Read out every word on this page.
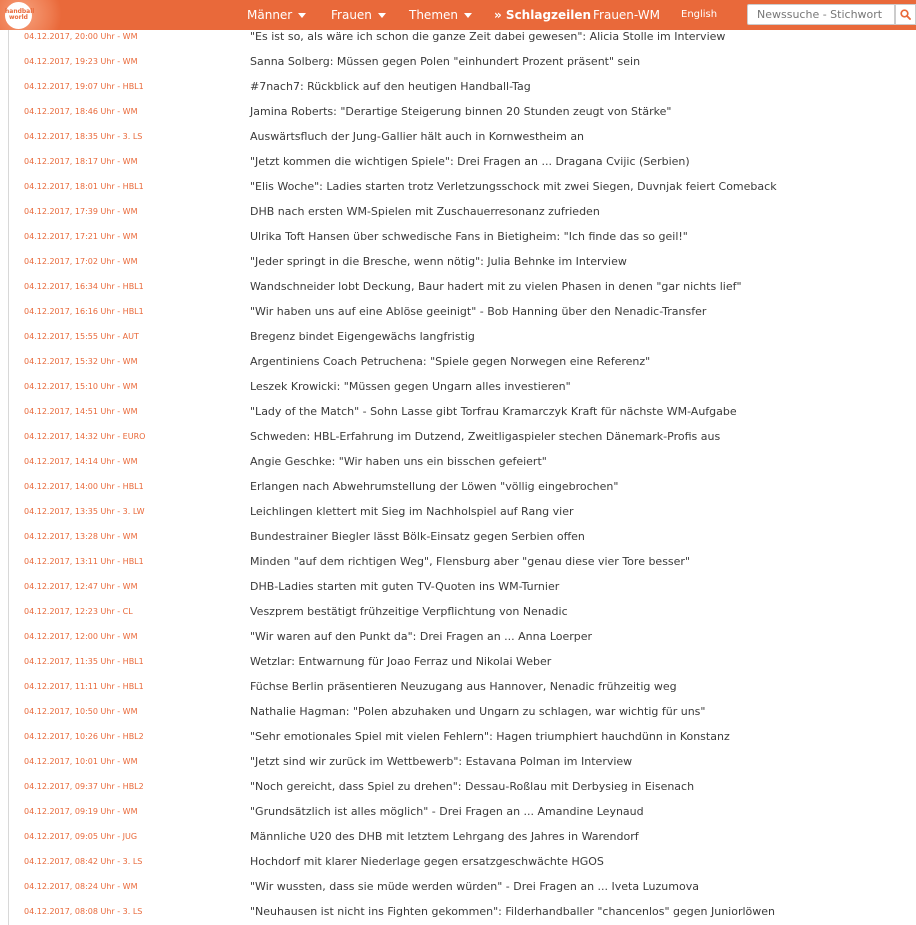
04.12.2017, 20:00 Uhr - WM	"Es ist so, als wäre ich schon die ganze Zeit dabei gewesen": Alicia Stolle im Interview
04.12.2017, 19:23 Uhr - WM	Sanna Solberg: Müssen gegen Polen "einhundert Prozent präsent" sein
04.12.2017, 19:07 Uhr - HBL1	#7nach7: Rückblick auf den heutigen Handball-Tag
04.12.2017, 18:46 Uhr - WM	Jamina Roberts: "Derartige Steigerung binnen 20 Stunden zeugt von Stärke"
04.12.2017, 18:35 Uhr - 3. LS	Auswärtsfluch der Jung-Gallier hält auch in Kornwestheim an
04.12.2017, 18:17 Uhr - WM	"Jetzt kommen die wichtigen Spiele": Drei Fragen an ... Dragana Cvijic (Serbien)
04.12.2017, 18:01 Uhr - HBL1	"Elis Woche": Ladies starten trotz Verletzungsschock mit zwei Siegen, Duvnjak feiert Comeback
04.12.2017, 17:39 Uhr - WM	DHB nach ersten WM-Spielen mit Zuschauerresonanz zufrieden
04.12.2017, 17:21 Uhr - WM	Ulrika Toft Hansen über schwedische Fans in Bietigheim: "Ich finde das so geil!"
04.12.2017, 17:02 Uhr - WM	"Jeder springt in die Bresche, wenn nötig": Julia Behnke im Interview
04.12.2017, 16:34 Uhr - HBL1	Wandschneider lobt Deckung, Baur hadert mit zu vielen Phasen in denen "gar nichts lief"
04.12.2017, 16:16 Uhr - HBL1	"Wir haben uns auf eine Ablöse geeinigt" - Bob Hanning über den Nenadic-Transfer
04.12.2017, 15:55 Uhr - AUT	Bregenz bindet Eigengewächs langfristig
04.12.2017, 15:32 Uhr - WM	Argentiniens Coach Petruchena: "Spiele gegen Norwegen eine Referenz"
04.12.2017, 15:10 Uhr - WM	Leszek Krowicki: "Müssen gegen Ungarn alles investieren"
04.12.2017, 14:51 Uhr - WM	"Lady of the Match" - Sohn Lasse gibt Torfrau Kramarczyk Kraft für nächste WM-Aufgabe
04.12.2017, 14:32 Uhr - EURO	Schweden: HBL-Erfahrung im Dutzend, Zweitligaspieler stechen Dänemark-Profis aus
04.12.2017, 14:14 Uhr - WM	Angie Geschke: "Wir haben uns ein bisschen gefeiert"
04.12.2017, 14:00 Uhr - HBL1	Erlangen nach Abwehrumstellung der Löwen "völlig eingebrochen"
04.12.2017, 13:35 Uhr - 3. LW	Leichlingen klettert mit Sieg im Nachholspiel auf Rang vier
04.12.2017, 13:28 Uhr - WM	Bundestrainer Biegler lässt Bölk-Einsatz gegen Serbien offen
04.12.2017, 13:11 Uhr - HBL1	Minden "auf dem richtigen Weg", Flensburg aber "genau diese vier Tore besser"
04.12.2017, 12:47 Uhr - WM	DHB-Ladies starten mit guten TV-Quoten ins WM-Turnier
04.12.2017, 12:23 Uhr - CL	Veszprem bestätigt frühzeitige Verpflichtung von Nenadic
04.12.2017, 12:00 Uhr - WM	"Wir waren auf den Punkt da": Drei Fragen an ... Anna Loerper
04.12.2017, 11:35 Uhr - HBL1	Wetzlar: Entwarnung für Joao Ferraz und Nikolai Weber
04.12.2017, 11:11 Uhr - HBL1	Füchse Berlin präsentieren Neuzugang aus Hannover, Nenadic frühzeitig weg
04.12.2017, 10:50 Uhr - WM	Nathalie Hagman: "Polen abzuhaken und Ungarn zu schlagen, war wichtig für uns"
04.12.2017, 10:26 Uhr - HBL2	"Sehr emotionales Spiel mit vielen Fehlern": Hagen triumphiert hauchdünn in Konstanz
04.12.2017, 10:01 Uhr - WM	"Jetzt sind wir zurück im Wettbewerb": Estavana Polman im Interview
04.12.2017, 09:37 Uhr - HBL2	"Noch gereicht, dass Spiel zu drehen": Dessau-Roßlau mit Derbysieg in Eisenach
04.12.2017, 09:19 Uhr - WM	"Grundsätzlich ist alles möglich" - Drei Fragen an ... Amandine Leynaud
04.12.2017, 09:05 Uhr - JUG	Männliche U20 des DHB mit letztem Lehrgang des Jahres in Warendorf
04.12.2017, 08:42 Uhr - 3. LS	Hochdorf mit klarer Niederlage gegen ersatzgeschwächte HGOS
04.12.2017, 08:24 Uhr - WM	"Wir wussten, dass sie müde werden würden" - Drei Fragen an ... Iveta Luzumova
04.12.2017, 08:08 Uhr - 3. LS	"Neuhausen ist nicht ins Fighten gekommen": Filderhandballer "chancenlos" gegen Juniorlöwen
handball world	Männer	Frauen	Themen	» Schlagzeilen Frauen-WM English
Newssuche - Stichwort
